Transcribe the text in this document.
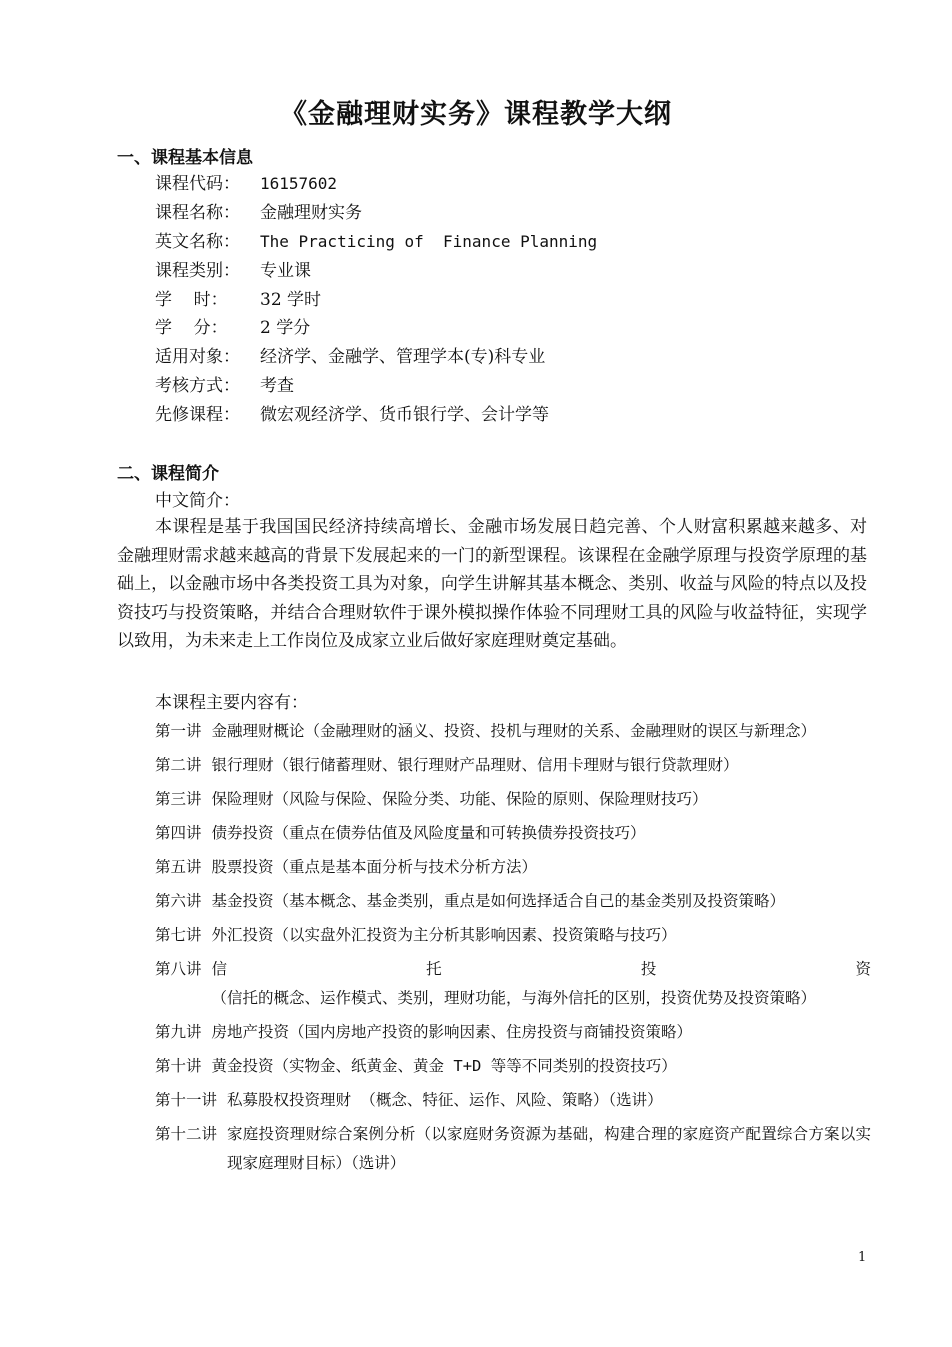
《金融理财实务》课程教学大纲
一、课程基本信息
课程代码：	16157602
课程名称：	金融理财实务
英文名称：	The Practicing of  Finance Planning
课程类别：	专业课
学    时：	32 学时
学    分：	2 学分
适用对象：	经济学、金融学、管理学本(专)科专业
考核方式：	考查
先修课程：	微宏观经济学、货币银行学、会计学等
二、课程简介
中文简介：
本课程是基于我国国民经济持续高增长、金融市场发展日趋完善、个人财富积累越来越多、对金融理财需求越来越高的背景下发展起来的一门的新型课程。该课程在金融学原理与投资学原理的基础上，以金融市场中各类投资工具为对象，向学生讲解其基本概念、类别、收益与风险的特点以及投资技巧与投资策略，并结合合理财软件于课外模拟操作体验不同理财工具的风险与收益特征，实现学以致用，为未来走上工作岗位及成家立业后做好家庭理财奠定基础。
本课程主要内容有：
第一讲 金融理财概论（金融理财的涵义、投资、投机与理财的关系、金融理财的误区与新理念）
第二讲 银行理财（银行储蓄理财、银行理财产品理财、信用卡理财与银行贷款理财）
第三讲 保险理财（风险与保险、保险分类、功能、保险的原则、保险理财技巧）
第四讲 债券投资（重点在债券估值及风险度量和可转换债券投资技巧）
第五讲 股票投资（重点是基本面分析与技术分析方法）
第六讲 基金投资（基本概念、基金类别，重点是如何选择适合自己的基金类别及投资策略）
第七讲 外汇投资（以实盘外汇投资为主分析其影响因素、投资策略与技巧）
第八讲 信托投资（信托的概念、运作模式、类别，理财功能，与海外信托的区别，投资优势及投资策略）
第九讲 房地产投资（国内房地产投资的影响因素、住房投资与商铺投资策略）
第十讲 黄金投资（实物金、纸黄金、黄金 T+D 等等不同类别的投资技巧）
第十一讲 私募股权投资理财 （概念、特征、运作、风险、策略）（选讲）
第十二讲 家庭投资理财综合案例分析（以家庭财务资源为基础，构建合理的家庭资产配置综合方案以实现家庭理财目标）（选讲）
1
